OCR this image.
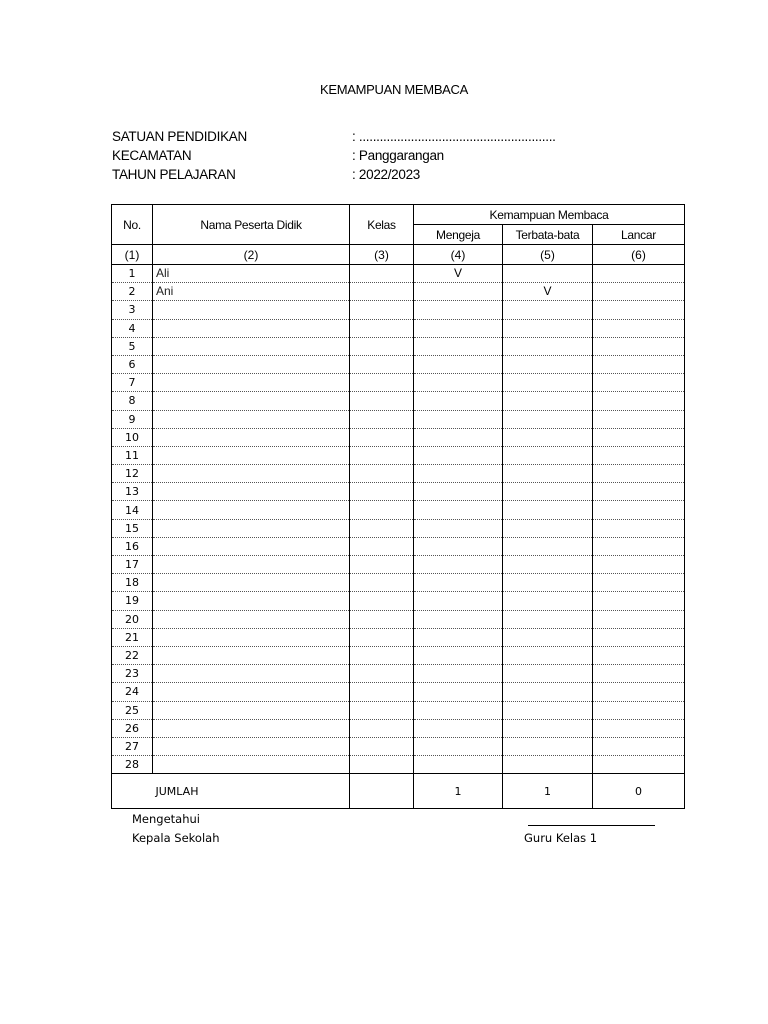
KEMAMPUAN MEMBACA
SATUAN PENDIDIKAN	: .........................................................
KECAMATAN	: Panggarangan
TAHUN PELAJARAN	: 2022/2023
No.	Nama Peserta Didik	Kelas	Kemampuan Membaca		
			Mengeja	Terbata-bata	Lancar
(1)	(2)	(3)	(4)	(5)	(6)
1	Ali		V		
2	Ani			V	
3					
4					
5					
6					
7					
8					
9					
10					
11					
12					
13					
14					
15					
16					
17					
18					
19					
20					
21					
22					
23					
24					
25					
26					
27					
28					
	JUMLAH		1	1	0
Mengetahui
Kepala Sekolah	Guru Kelas 1
